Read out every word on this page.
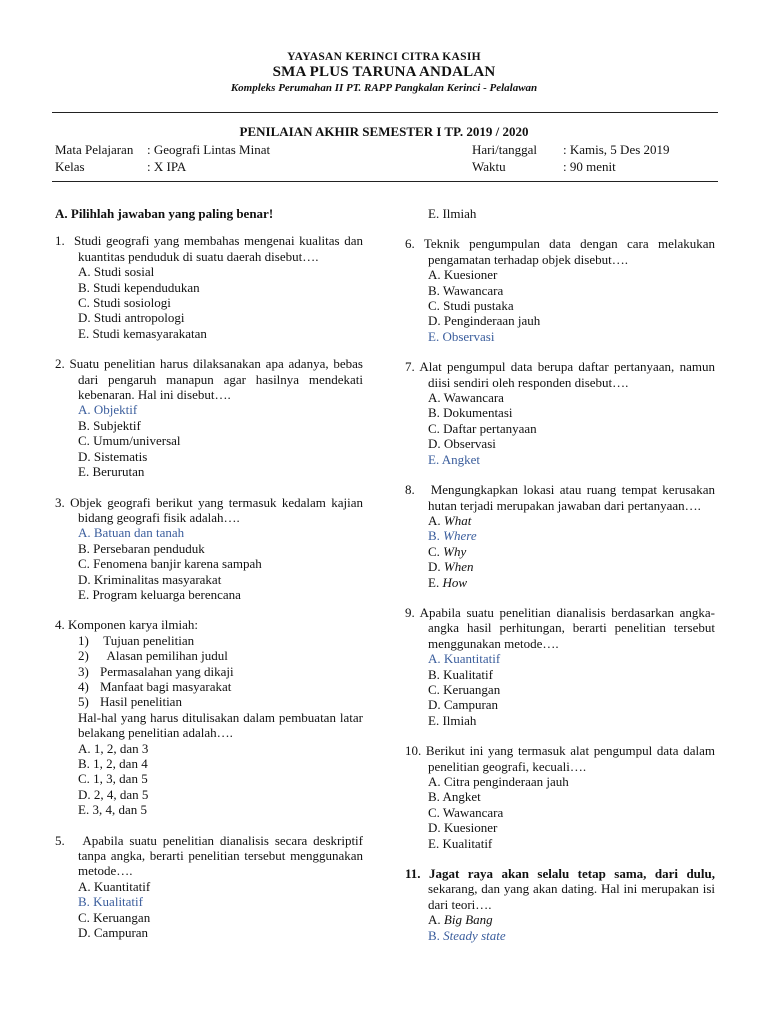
YAYASAN KERINCI CITRA KASIH
SMA PLUS TARUNA ANDALAN
Kompleks Perumahan II PT. RAPP Pangkalan Kerinci - Pelalawan
PENILAIAN AKHIR SEMESTER I TP. 2019 / 2020
Mata Pelajaran : Geografi Lintas Minat	Hari/tanggal : Kamis, 5 Des 2019
Kelas	: X IPA	Waktu	: 90 menit
A. Pilihlah jawaban yang paling benar!
1.  Studi geografi yang membahas mengenai kualitas dan kuantitas penduduk di suatu daerah disebut….
A. Studi sosial
B. Studi kependudukan
C. Studi sosiologi
D. Studi antropologi
E. Studi kemasyarakatan
2. Suatu penelitian harus dilaksanakan apa adanya, bebas dari pengaruh manapun agar hasilnya mendekati kebenaran. Hal ini disebut….
A. Objektif
B. Subjektif
C. Umum/universal
D. Sistematis
E. Berurutan
3. Objek geografi berikut yang termasuk kedalam kajian bidang geografi fisik adalah….
A. Batuan dan tanah
B. Persebaran penduduk
C. Fenomena banjir karena sampah
D. Kriminalitas masyarakat
E. Program keluarga berencana
4. Komponen karya ilmiah:
1) Tujuan penelitian
2)  Alasan pemilihan judul
3) Permasalahan yang dikaji
4) Manfaat bagi masyarakat
5) Hasil penelitian
Hal-hal yang harus ditulisakan dalam pembuatan latar belakang penelitian adalah….
A. 1, 2, dan 3
B. 1, 2, dan 4
C. 1, 3, dan 5
D. 2, 4, dan 5
E. 3, 4, dan 5
5.   Apabila suatu penelitian dianalisis secara deskriptif tanpa angka, berarti penelitian tersebut menggunakan metode….
A. Kuantitatif
B. Kualitatif
C. Keruangan
D. Campuran
E. Ilmiah
6. Teknik pengumpulan data dengan cara melakukan pengamatan terhadap objek disebut….
A. Kuesioner
B. Wawancara
C. Studi pustaka
D. Penginderaan jauh
E. Observasi
7. Alat pengumpul data berupa daftar pertanyaan, namun diisi sendiri oleh responden disebut….
A. Wawancara
B. Dokumentasi
C. Daftar pertanyaan
D. Observasi
E. Angket
8.   Mengungkapkan lokasi atau ruang tempat kerusakan hutan terjadi merupakan jawaban dari pertanyaan….
A. What
B. Where
C. Why
D. When
E. How
9. Apabila suatu penelitian dianalisis berdasarkan angka-angka hasil perhitungan, berarti penelitian tersebut menggunakan metode….
A. Kuantitatif
B. Kualitatif
C. Keruangan
D. Campuran
E. Ilmiah
10. Berikut ini yang termasuk alat pengumpul data dalam penelitian geografi, kecuali….
A. Citra penginderaan jauh
B. Angket
C. Wawancara
D. Kuesioner
E. Kualitatif
11. Jagat raya akan selalu tetap sama, dari dulu, sekarang, dan yang akan dating. Hal ini merupakan isi dari teori….
A. Big Bang
B. Steady state
